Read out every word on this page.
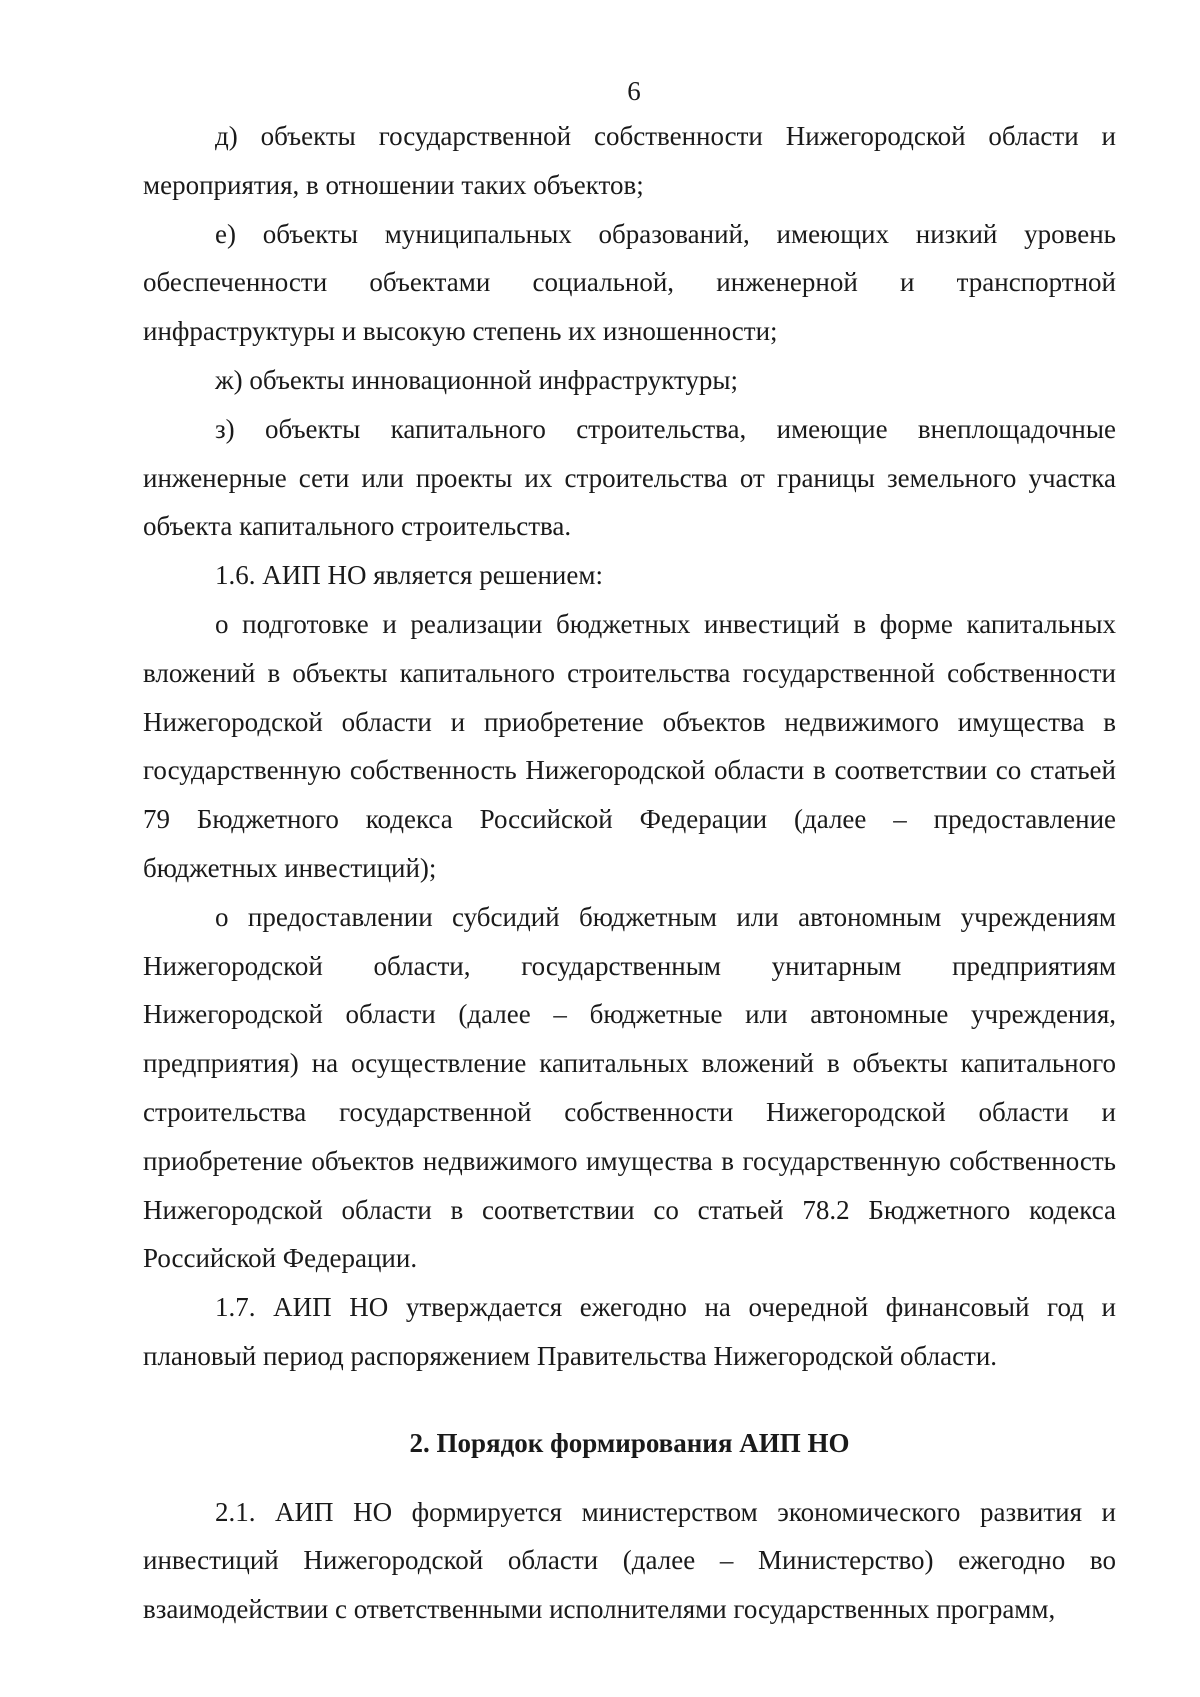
6

д) объекты государственной собственности Нижегородской области и мероприятия, в отношении таких объектов;

е) объекты муниципальных образований, имеющих низкий уровень обеспеченности объектами социальной, инженерной и транспортной инфраструктуры и высокую степень их изношенности;

ж) объекты инновационной инфраструктуры;

з) объекты капитального строительства, имеющие внеплощадочные инженерные сети или проекты их строительства от границы земельного участка объекта капитального строительства.

1.6. АИП НО является решением:

о подготовке и реализации бюджетных инвестиций в форме капитальных вложений в объекты капитального строительства государственной собственности Нижегородской области и приобретение объектов недвижимого имущества в государственную собственность Нижегородской области в соответствии со статьей 79 Бюджетного кодекса Российской Федерации (далее – предоставление бюджетных инвестиций);

о предоставлении субсидий бюджетным или автономным учреждениям Нижегородской области, государственным унитарным предприятиям Нижегородской области (далее – бюджетные или автономные учреждения, предприятия) на осуществление капитальных вложений в объекты капитального строительства государственной собственности Нижегородской области и приобретение объектов недвижимого имущества в государственную собственность Нижегородской области в соответствии со статьей 78.2 Бюджетного кодекса Российской Федерации.

1.7. АИП НО утверждается ежегодно на очередной финансовый год и плановый период распоряжением Правительства Нижегородской области.

2. Порядок формирования АИП НО

2.1. АИП НО формируется министерством экономического развития и инвестиций Нижегородской области (далее – Министерство) ежегодно во взаимодействии с ответственными исполнителями государственных программ,
